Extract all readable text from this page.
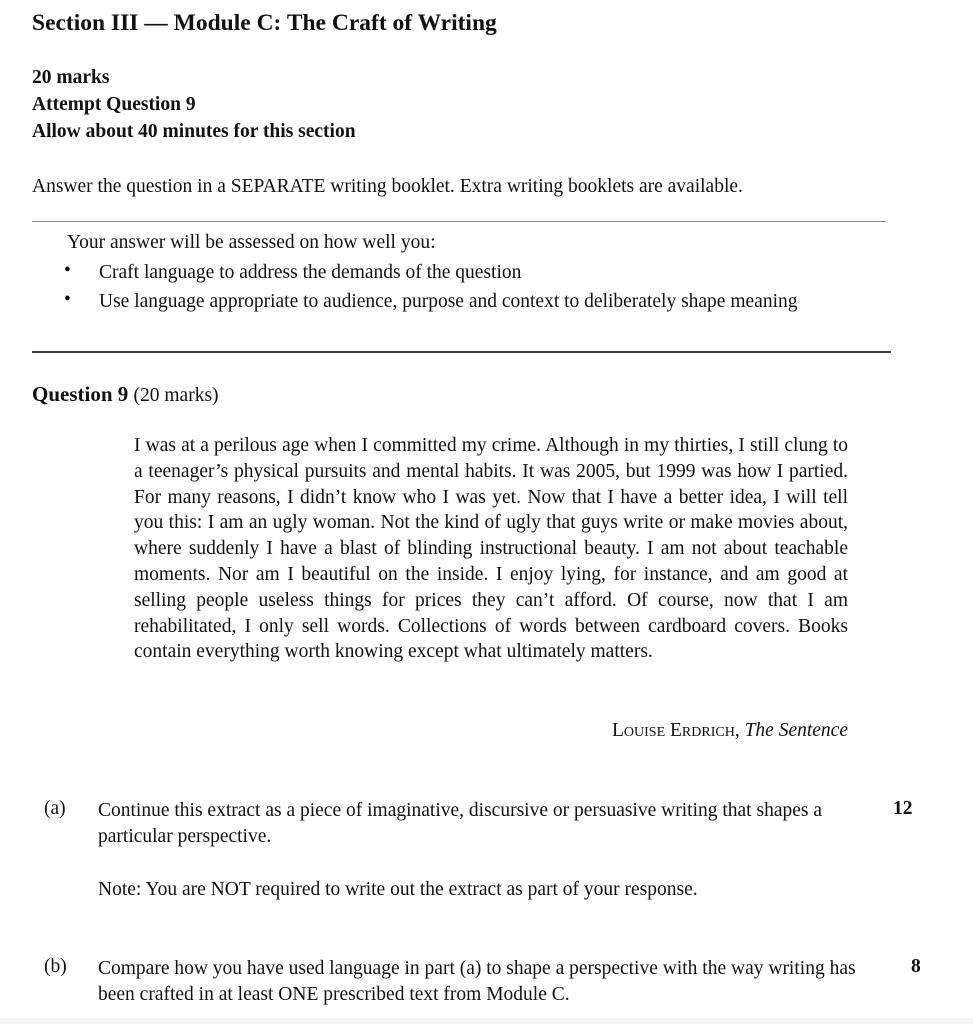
Section III — Module C: The Craft of Writing
20 marks
Attempt Question 9
Allow about 40 minutes for this section
Answer the question in a SEPARATE writing booklet. Extra writing booklets are available.
Your answer will be assessed on how well you:
• Craft language to address the demands of the question
• Use language appropriate to audience, purpose and context to deliberately shape meaning
Question 9 (20 marks)
I was at a perilous age when I committed my crime. Although in my thirties, I still clung to a teenager’s physical pursuits and mental habits. It was 2005, but 1999 was how I partied. For many reasons, I didn’t know who I was yet. Now that I have a better idea, I will tell you this: I am an ugly woman. Not the kind of ugly that guys write or make movies about, where suddenly I have a blast of blinding instructional beauty. I am not about teachable moments. Nor am I beautiful on the inside. I enjoy lying, for instance, and am good at selling people useless things for prices they can’t afford. Of course, now that I am rehabilitated, I only sell words. Collections of words between cardboard covers. Books contain everything worth knowing except what ultimately matters.
Louise Erdrich, The Sentence
(a) Continue this extract as a piece of imaginative, discursive or persuasive writing that shapes a particular perspective.
Note: You are NOT required to write out the extract as part of your response.
12
(b) Compare how you have used language in part (a) to shape a perspective with the way writing has been crafted in at least ONE prescribed text from Module C.
8
